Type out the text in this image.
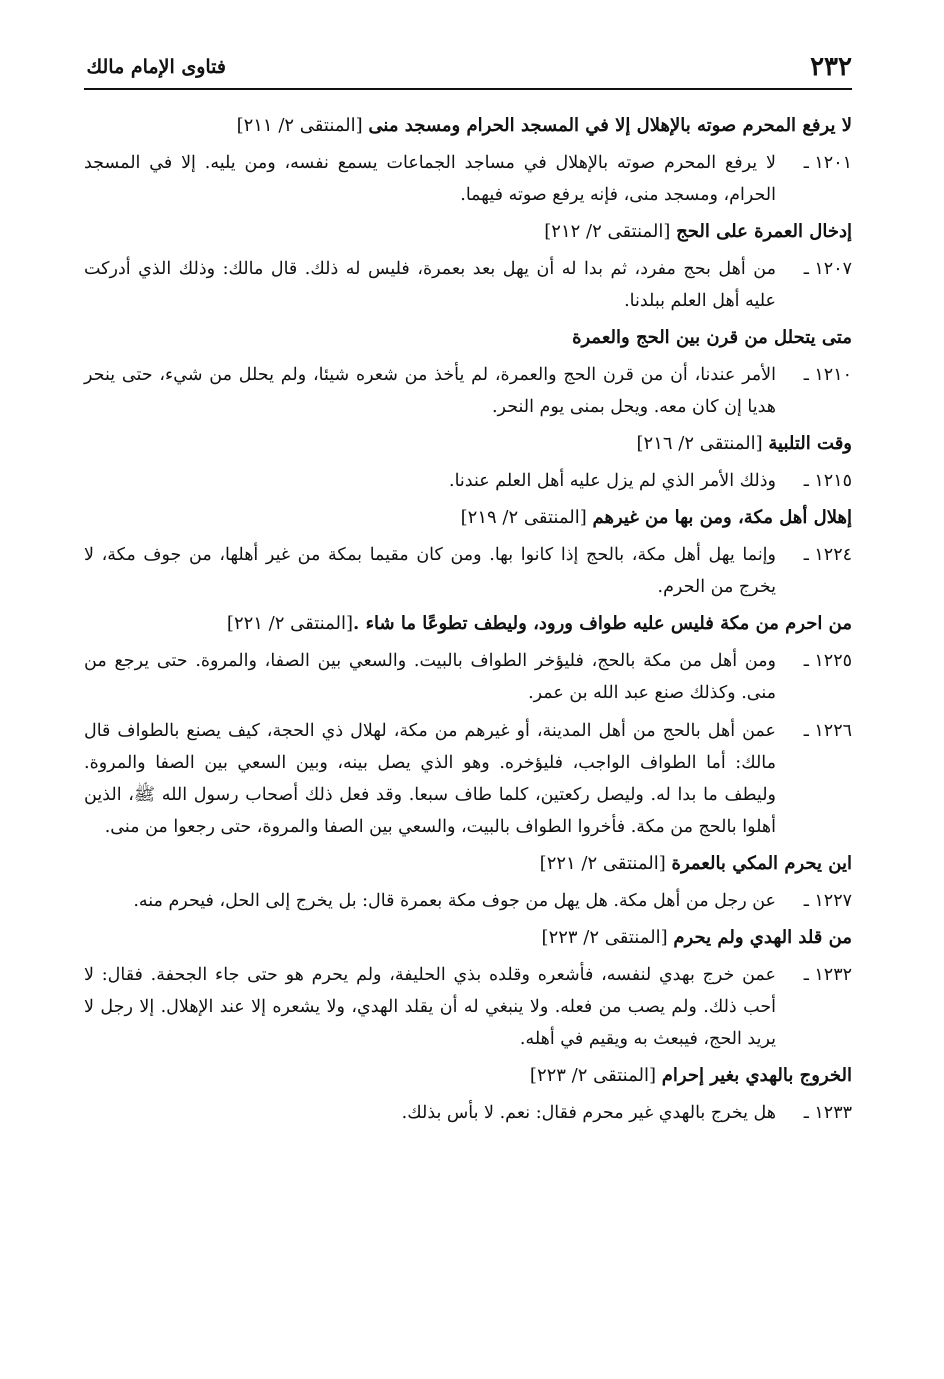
٢٣٢
فتاوى الإمام مالك
لا يرفع المحرم صوته بالإهلال إلا في المسجد الحرام ومسجد منى [المنتقى ٢/ ٢١١]
١٢٠١ ـ
لا يرفع المحرم صوته بالإهلال في مساجد الجماعات يسمع نفسه، ومن يليه. إلا في المسجد الحرام، ومسجد منى، فإنه يرفع صوته فيهما.
إدخال العمرة على الحج [المنتقى ٢/ ٢١٢]
١٢٠٧ ـ
من أهل بحج مفرد، ثم بدا له أن يهل بعد بعمرة، فليس له ذلك. قال مالك: وذلك الذي أدركت عليه أهل العلم ببلدنا.
متى يتحلل من قرن بين الحج والعمرة
١٢١٠ ـ
الأمر عندنا، أن من قرن الحج والعمرة، لم يأخذ من شعره شيئا، ولم يحلل من شيء، حتى ينحر هديا إن كان معه. ويحل بمنى يوم النحر.
وقت التلبية [المنتقى ٢/ ٢١٦]
١٢١٥ ـ
وذلك الأمر الذي لم يزل عليه أهل العلم عندنا.
إهلال أهل مكة، ومن بها من غيرهم [المنتقى ٢/ ٢١٩]
١٢٢٤ ـ
وإنما يهل أهل مكة، بالحج إذا كانوا بها. ومن كان مقيما بمكة من غير أهلها، من جوف مكة، لا يخرج من الحرم.
من احرم من مكة فليس عليه طواف ورود، وليطف تطوعًا ما شاء .[المنتقى ٢/ ٢٢١]
١٢٢٥ ـ
ومن أهل من مكة بالحج، فليؤخر الطواف بالبيت. والسعي بين الصفا، والمروة. حتى يرجع من منى. وكذلك صنع عبد الله بن عمر.
١٢٢٦ ـ
عمن أهل بالحج من أهل المدينة، أو غيرهم من مكة، لهلال ذي الحجة، كيف يصنع بالطواف قال مالك: أما الطواف الواجب، فليؤخره. وهو الذي يصل بينه، وبين السعي بين الصفا والمروة. وليطف ما بدا له. وليصل ركعتين، كلما طاف سبعا. وقد فعل ذلك أصحاب رسول الله ﷺ، الذين أهلوا بالحج من مكة. فأخروا الطواف بالبيت، والسعي بين الصفا والمروة، حتى رجعوا من منى.
اين يحرم المكي بالعمرة [المنتقى ٢/ ٢٢١]
١٢٢٧ ـ
عن رجل من أهل مكة. هل يهل من جوف مكة بعمرة قال: بل يخرج إلى الحل، فيحرم منه.
من قلد الهدي ولم يحرم [المنتقى ٢/ ٢٢٣]
١٢٣٢ ـ
عمن خرج بهدي لنفسه، فأشعره وقلده بذي الحليفة، ولم يحرم هو حتى جاء الجحفة. فقال: لا أحب ذلك. ولم يصب من فعله. ولا ينبغي له أن يقلد الهدي، ولا يشعره إلا عند الإهلال. إلا رجل لا يريد الحج، فيبعث به ويقيم في أهله.
الخروج بالهدي بغير إحرام [المنتقى ٢/ ٢٢٣]
١٢٣٣ ـ
هل يخرج بالهدي غير محرم فقال: نعم. لا بأس بذلك.
